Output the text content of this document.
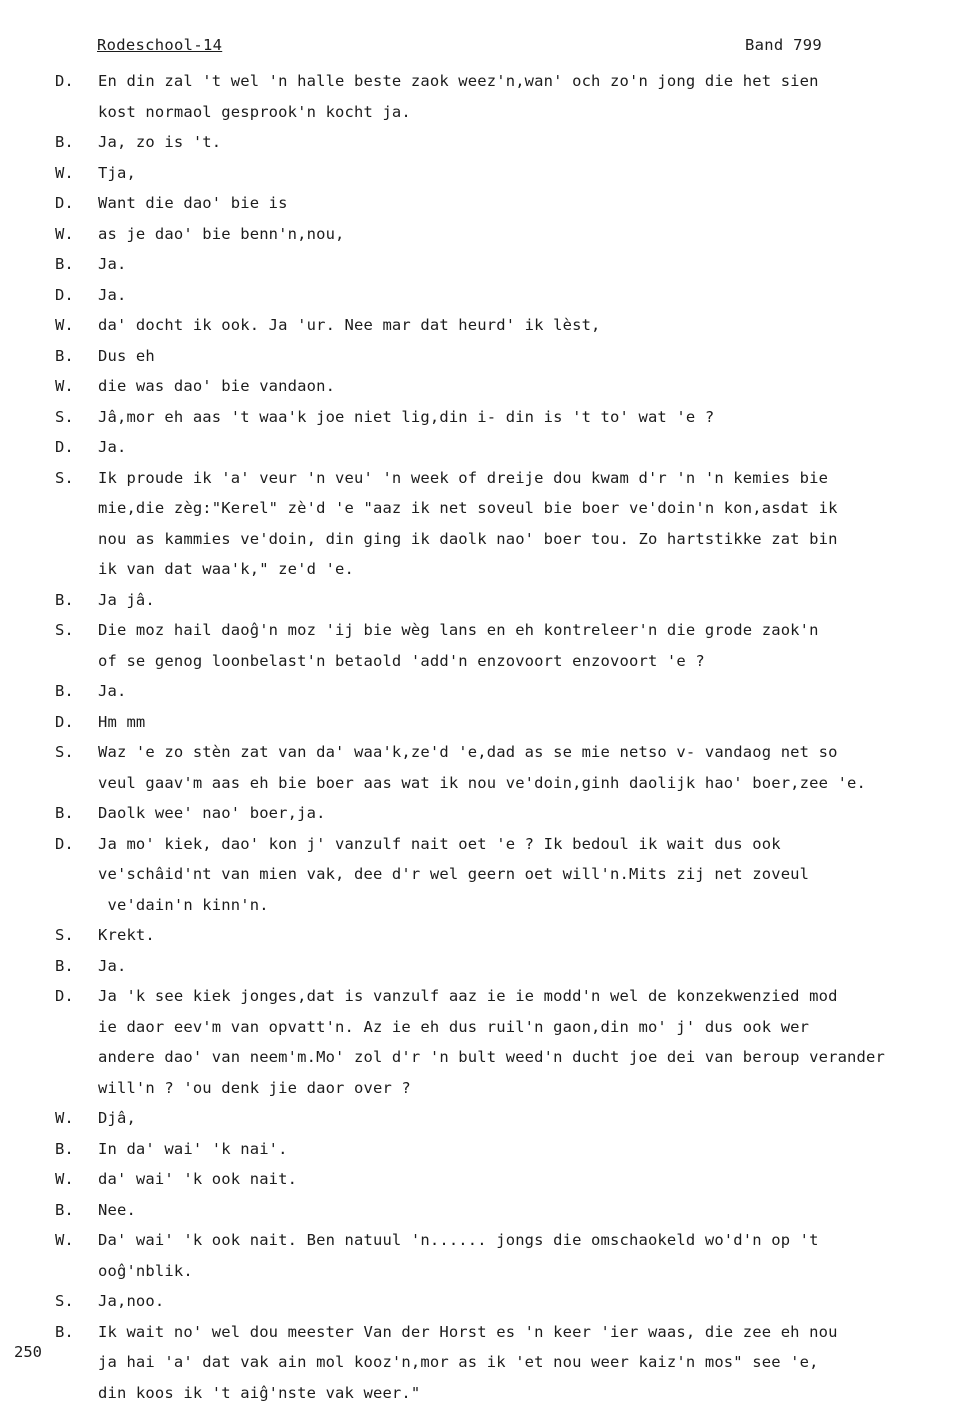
Rodeschool-14	Band 799
D.	En din zal 't wel 'n halle beste zaok weez'n,wan' och zo'n jong die het sien
kost normaol gesprook'n kocht ja.
B.	Ja, zo is 't.
W.	Tja,
D.	Want die dao' bie is
W.	as je dao' bie benn'n,nou,
B.	Ja.
D.	Ja.
W.	da' docht ik ook. Ja 'ur. Nee mar dat heurd' ik lèst,
B.	Dus eh
W.	die was dao' bie vandaon.
S.	Jâ,mor eh aas 't waa'k joe niet lig,din i- din is 't to' wat 'e ?
D.	Ja.
S.	Ik proude ik 'a' veur 'n veu' 'n week of dreije dou kwam d'r 'n 'n kemies bie
mie,die zèg:"Kerel" zè'd 'e "aaz ik net soveul bie boer ve'doin'n kon,asdat ik
nou as kammies ve'doin, din ging ik daolk nao' boer tou. Zo hartstikke zat bin
ik van dat waa'k," ze'd 'e.
B.	Ja jâ.
S.	Die moz hail daoĝ'n moz 'ij bie wèg lans en eh kontreleer'n die grode zaok'n
of se genog loonbelast'n betaold 'add'n enzovoort enzovoort 'e ?
B.	Ja.
D.	Hm mm
S.	Waz 'e zo stèn zat van da' waa'k,ze'd 'e,dad as se mie netso v- vandaog net so
veul gaav'm aas eh bie boer aas wat ik nou ve'doin,ginh daolijk hao' boer,zee 'e.
B.	Daolk wee' nao' boer,ja.
D.	Ja mo' kiek, dao' kon j' vanzulf nait oet 'e ? Ik bedoul ik wait dus ook
ve'schâid'nt van mien vak, dee d'r wel geern oet will'n.Mits zij net zoveul
ve'dain'n kinn'n.
S.	Krekt.
B.	Ja.
D.	Ja 'k see kiek jonges,dat is vanzulf aaz ie ie modd'n wel de konzekwenzied mod
ie daor eev'm van opvatt'n. Az ie eh dus ruil'n gaon,din mo' j' dus ook wer
andere dao' van neem'm.Mo' zol d'r 'n bult weed'n ducht joe dei van beroup verander
will'n ? 'ou denk jie daor over ?
W.	Djâ,
B.	In da' wai' 'k nai'.
W.	da' wai' 'k ook nait.
B.	Nee.
W.	Da' wai' 'k ook nait. Ben natuul 'n...... jongs die omschaokeld wo'd'n op 't
ooĝ'nblik.
S.	Ja,noo.
B.	Ik wait no' wel dou meester Van der Horst es 'n keer 'ier waas, die zee eh nou
ja hai 'a' dat vak ain mol kooz'n,mor as ik 'et nou weer kaiz'n mos" see 'e,
din koos ik 't aiĝ'nste vak weer."
250
